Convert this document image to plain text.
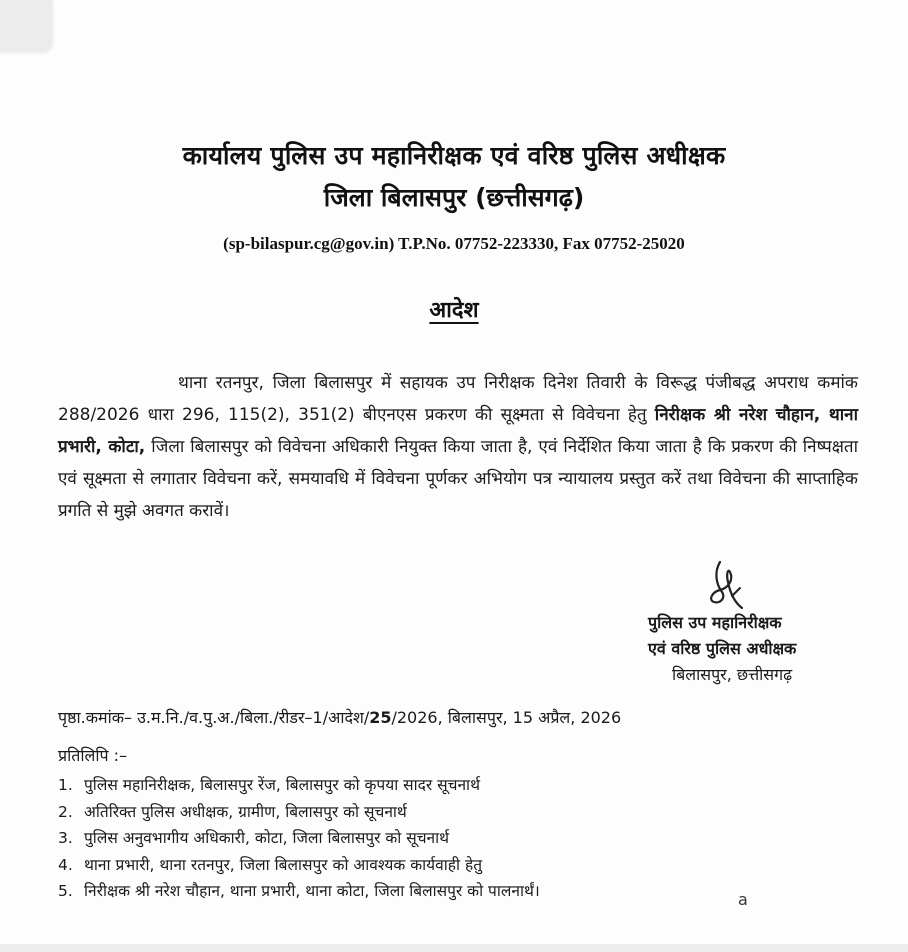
कार्यालय पुलिस उप महानिरीक्षक एवं वरिष्ठ पुलिस अधीक्षक
जिला बिलासपुर (छत्तीसगढ़)
(sp-bilaspur.cg@gov.in) T.P.No. 07752-223330, Fax 07752-25020
आदेश

थाना रतनपुर, जिला बिलासपुर में सहायक उप निरीक्षक दिनेश तिवारी के विरूद्ध पंजीबद्ध अपराध कमांक 288/2026 धारा 296, 115(2), 351(2) बीएनएस प्रकरण की सूक्ष्मता से विवेचना हेतु निरीक्षक श्री नरेश चौहान, थाना प्रभारी, कोटा, जिला बिलासपुर को विवेचना अधिकारी नियुक्त किया जाता है, एवं निर्देशित किया जाता है कि प्रकरण की निष्पक्षता एवं सूक्ष्मता से लगातार विवेचना करें, समयावधि में विवेचना पूर्णकर अभियोग पत्र न्यायालय प्रस्तुत करें तथा विवेचना की साप्ताहिक प्रगति से मुझे अवगत करावें।

पुलिस उप महानिरीक्षक
एवं वरिष्ठ पुलिस अधीक्षक
बिलासपुर, छत्तीसगढ़
पृष्ठा.कमांक– उ.म.नि./व.पु.अ./बिला./रीडर–1/आदेश/25/2026, बिलासपुर, 15 अप्रैल, 2026
प्रतिलिपि :–
1. पुलिस महानिरीक्षक, बिलासपुर रेंज, बिलासपुर को कृपया सादर सूचनार्थ
2. अतिरिक्त पुलिस अधीक्षक, ग्रामीण, बिलासपुर को सूचनार्थ
3. पुलिस अनुवभागीय अधिकारी, कोटा, जिला बिलासपुर को सूचनार्थ
4. थाना प्रभारी, थाना रतनपुर, जिला बिलासपुर को आवश्यक कार्यवाही हेतु
5. निरीक्षक श्री नरेश चौहान, थाना प्रभारी, थाना कोटा, जिला बिलासपुर को पालनार्थं।	a
